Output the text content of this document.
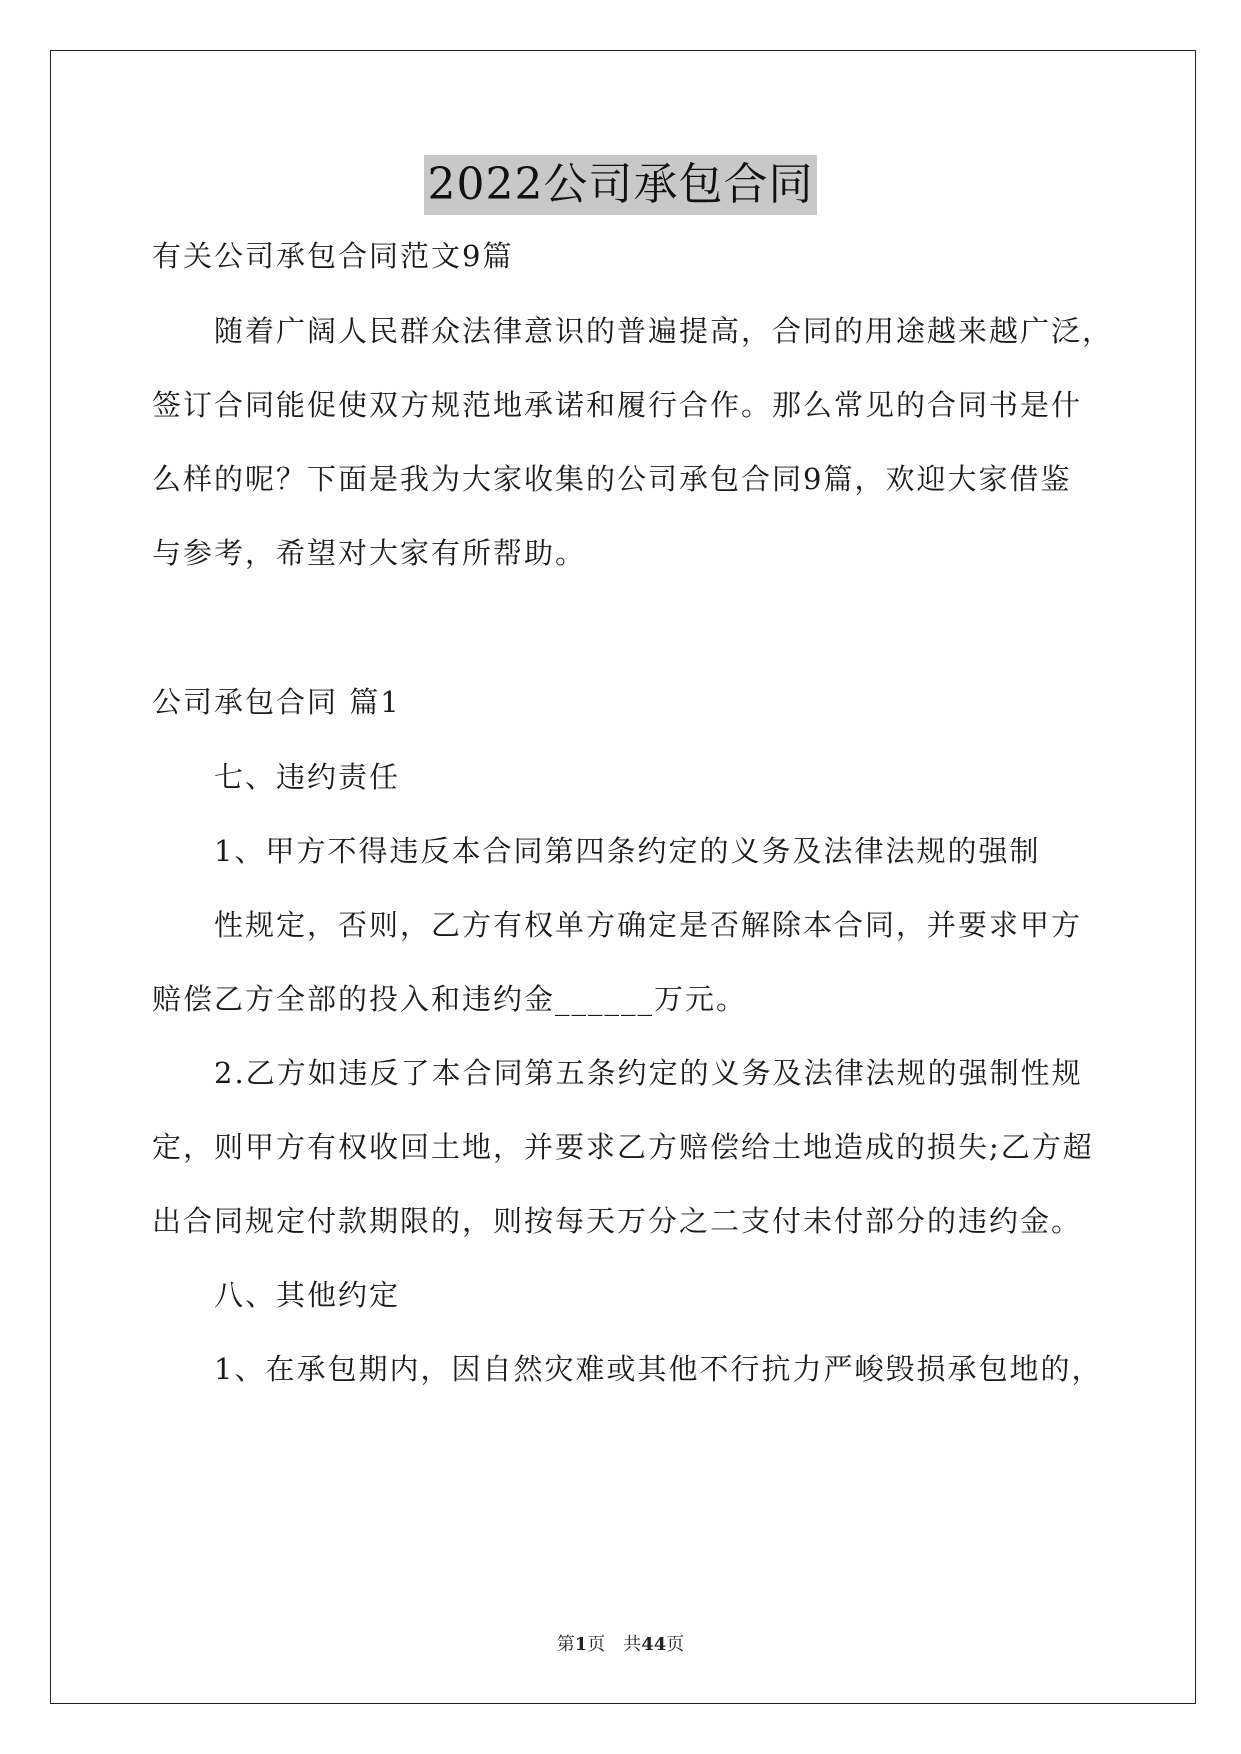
2022公司承包合同
有关公司承包合同范文9篇
随着广阔人民群众法律意识的普遍提高，合同的用途越来越广泛，
签订合同能促使双方规范地承诺和履行合作。那么常见的合同书是什
么样的呢？下面是我为大家收集的公司承包合同9篇，欢迎大家借鉴
与参考，希望对大家有所帮助。
公司承包合同 篇1
七、违约责任
1、甲方不得违反本合同第四条约定的义务及法律法规的强制
性规定，否则，乙方有权单方确定是否解除本合同，并要求甲方
赔偿乙方全部的投入和违约金______万元。
2.乙方如违反了本合同第五条约定的义务及法律法规的强制性规
定，则甲方有权收回土地，并要求乙方赔偿给土地造成的损失;乙方超
出合同规定付款期限的，则按每天万分之二支付未付部分的违约金。
八、其他约定
1、在承包期内，因自然灾难或其他不行抗力严峻毁损承包地的，
第1页　共44页
